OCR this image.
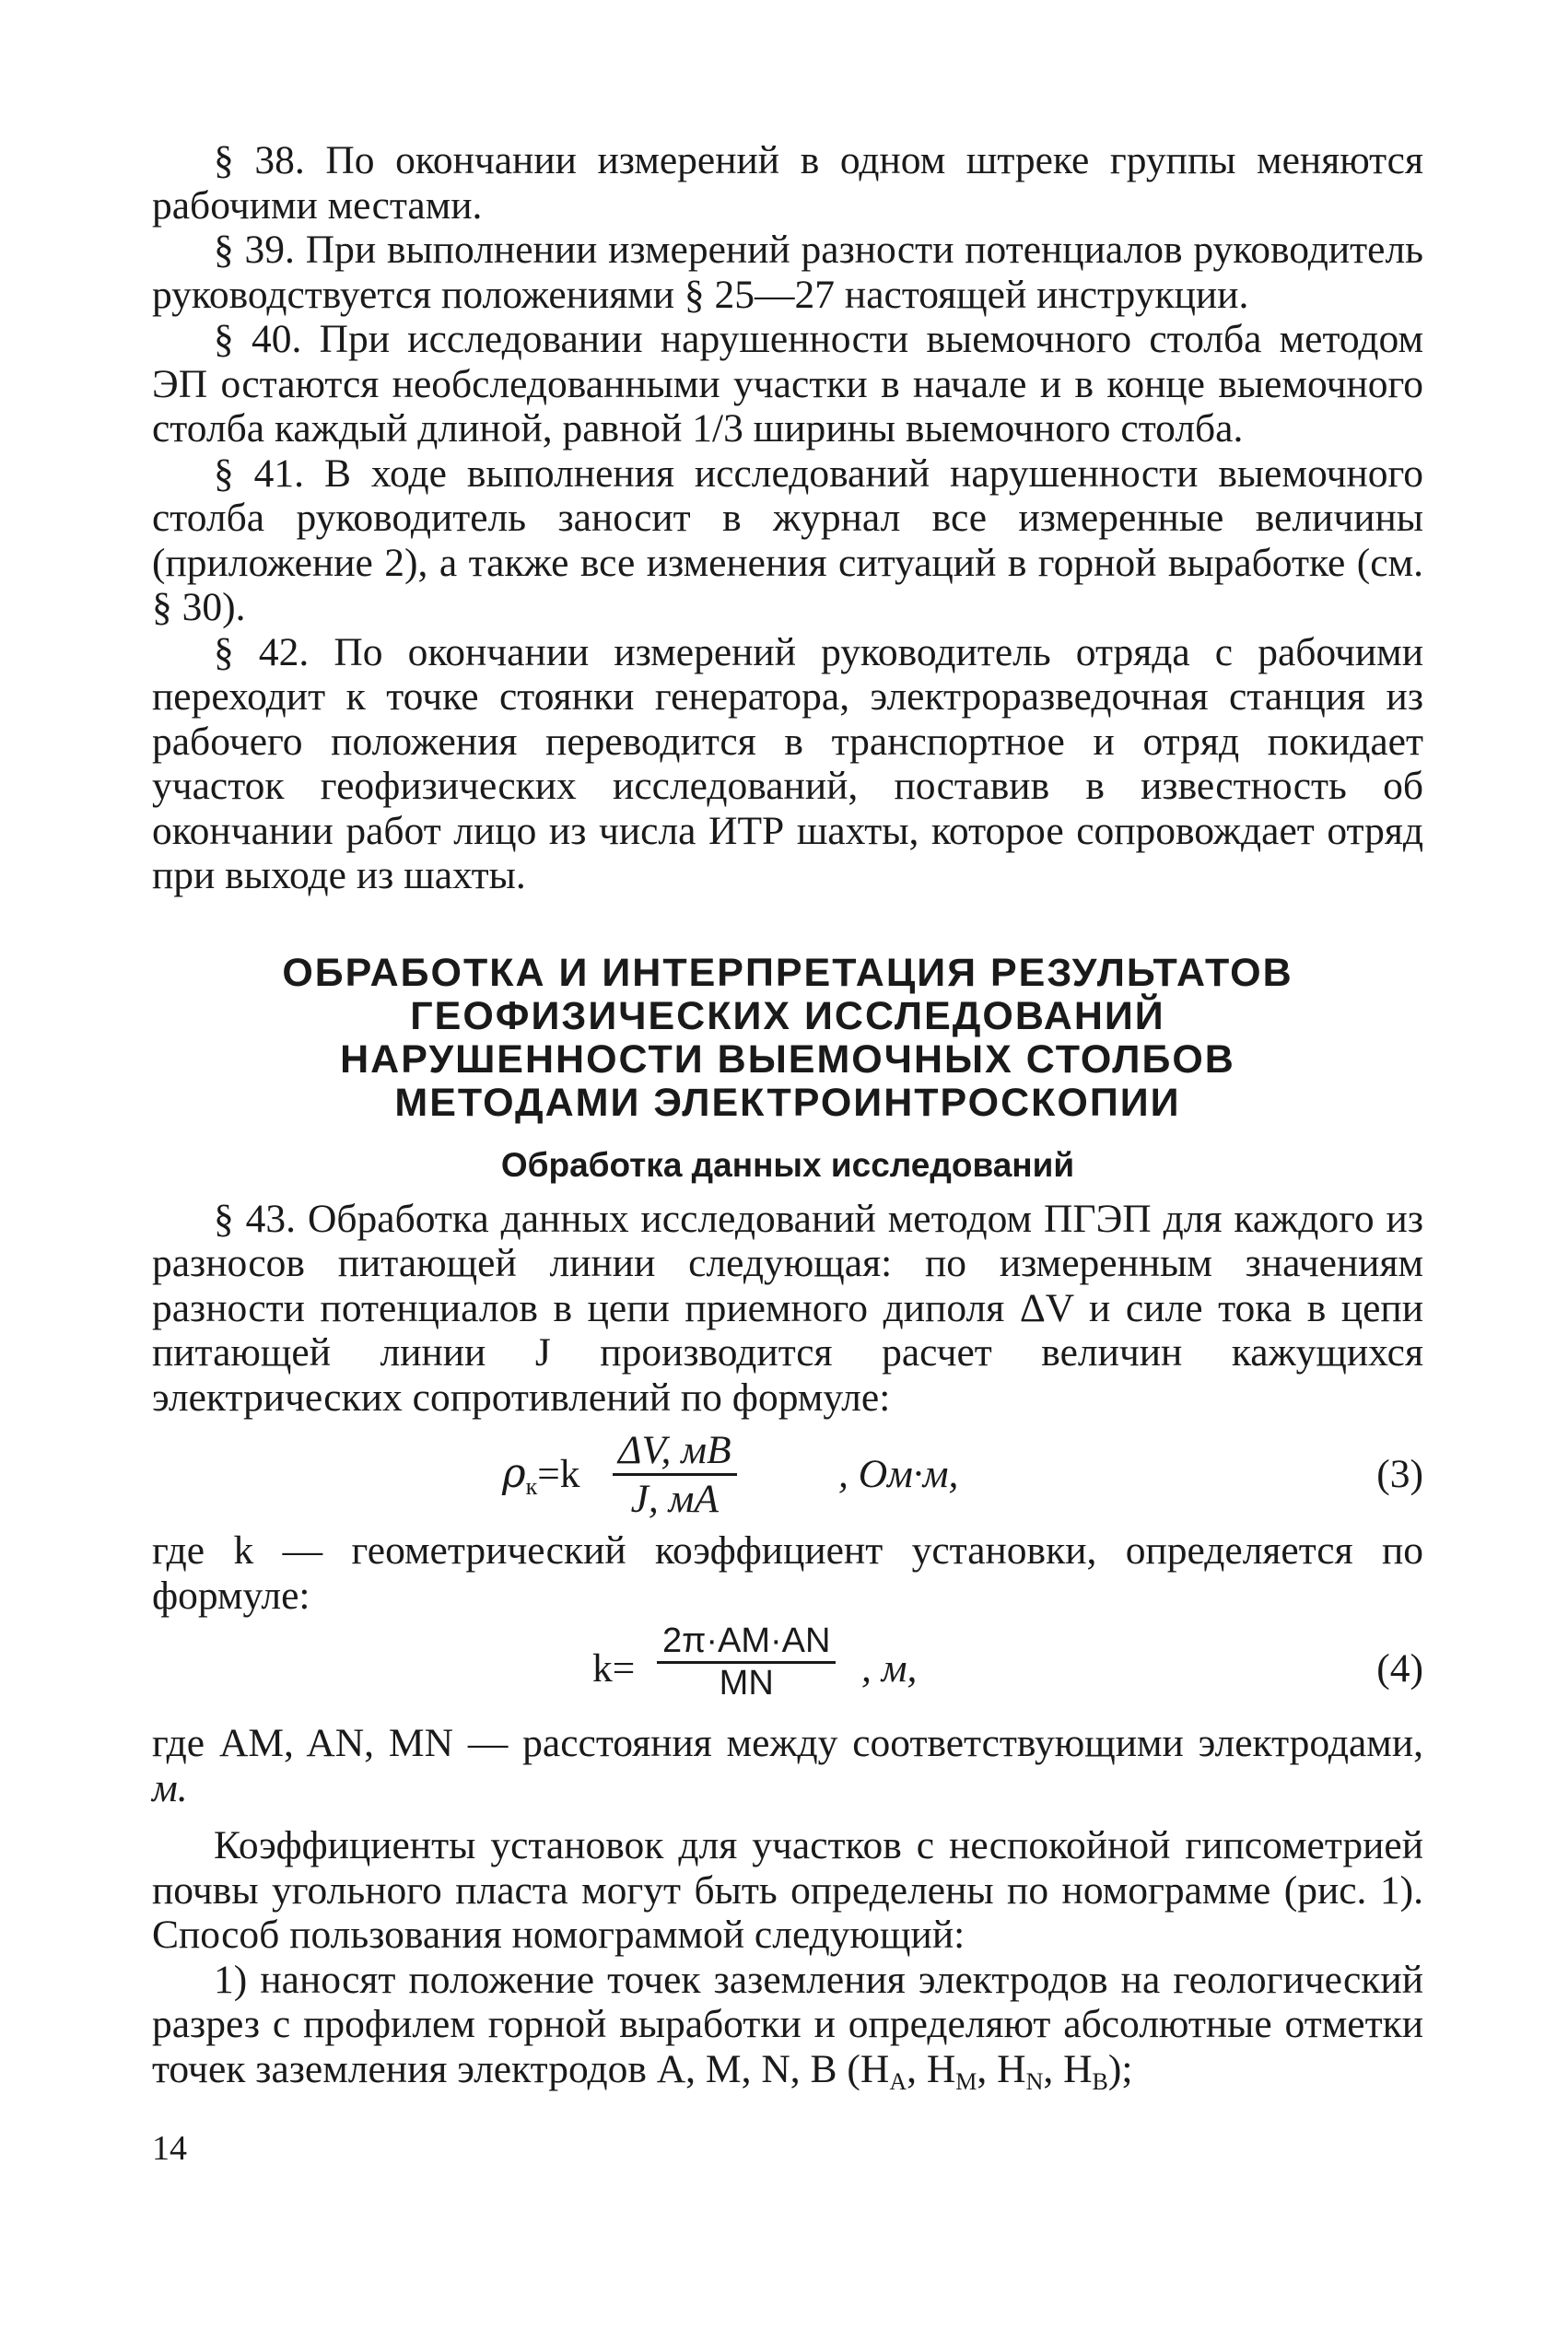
§ 38. По окончании измерений в одном штреке группы меняются рабочими местами.

§ 39. При выполнении измерений разности потенциалов руководитель руководствуется положениями § 25—27 настоящей инструкции.

§ 40. При исследовании нарушенности выемочного столба методом ЭП остаются необследованными участки в начале и в конце выемочного столба каждый длиной, равной 1/3 ширины выемочного столба.

§ 41. В ходе выполнения исследований нарушенности выемочного столба руководитель заносит в журнал все измеренные величины (приложение 2), а также все изменения ситуаций в горной выработке (см. § 30).

§ 42. По окончании измерений руководитель отряда с рабочими переходит к точке стоянки генератора, электроразведочная станция из рабочего положения переводится в транспортное и отряд покидает участок геофизических исследований, поставив в известность об окончании работ лицо из числа ИТР шахты, которое сопровождает отряд при выходе из шахты.

ОБРАБОТКА И ИНТЕРПРЕТАЦИЯ РЕЗУЛЬТАТОВ
ГЕОФИЗИЧЕСКИХ ИССЛЕДОВАНИЙ
НАРУШЕННОСТИ ВЫЕМОЧНЫХ СТОЛБОВ
МЕТОДАМИ ЭЛЕКТРОИНТРОСКОПИИ
Обработка данных исследований

§ 43. Обработка данных исследований методом ПГЭП для каждого из разносов питающей линии следующая: по измеренным значениям разности потенциалов в цепи приемного диполя ΔV и силе тока в цепи питающей линии J производится расчет величин кажущихся электрических сопротивлений по формуле:

$\rho_к=k$
ΔV, мВ
J, мА
, Ом·м,	(3)

где k — геометрический коэффициент установки, определяется по формуле:

$k= \frac{2\pi\cdot AM\cdot AN}{MN}$ , м,	(4)

где AM, AN, MN — расстояния между соответствующими электродами, м.

Коэффициенты установок для участков с неспокойной гипсометрией почвы угольного пласта могут быть определены по номограмме (рис. 1). Способ пользования номограммой следующий:

1) наносят положение точек заземления электродов на геологический разрез с профилем горной выработки и определяют абсолютные отметки точек заземления электродов A, M, N, B ($H_A$, $H_M$, $H_N$, $H_B$);

14
